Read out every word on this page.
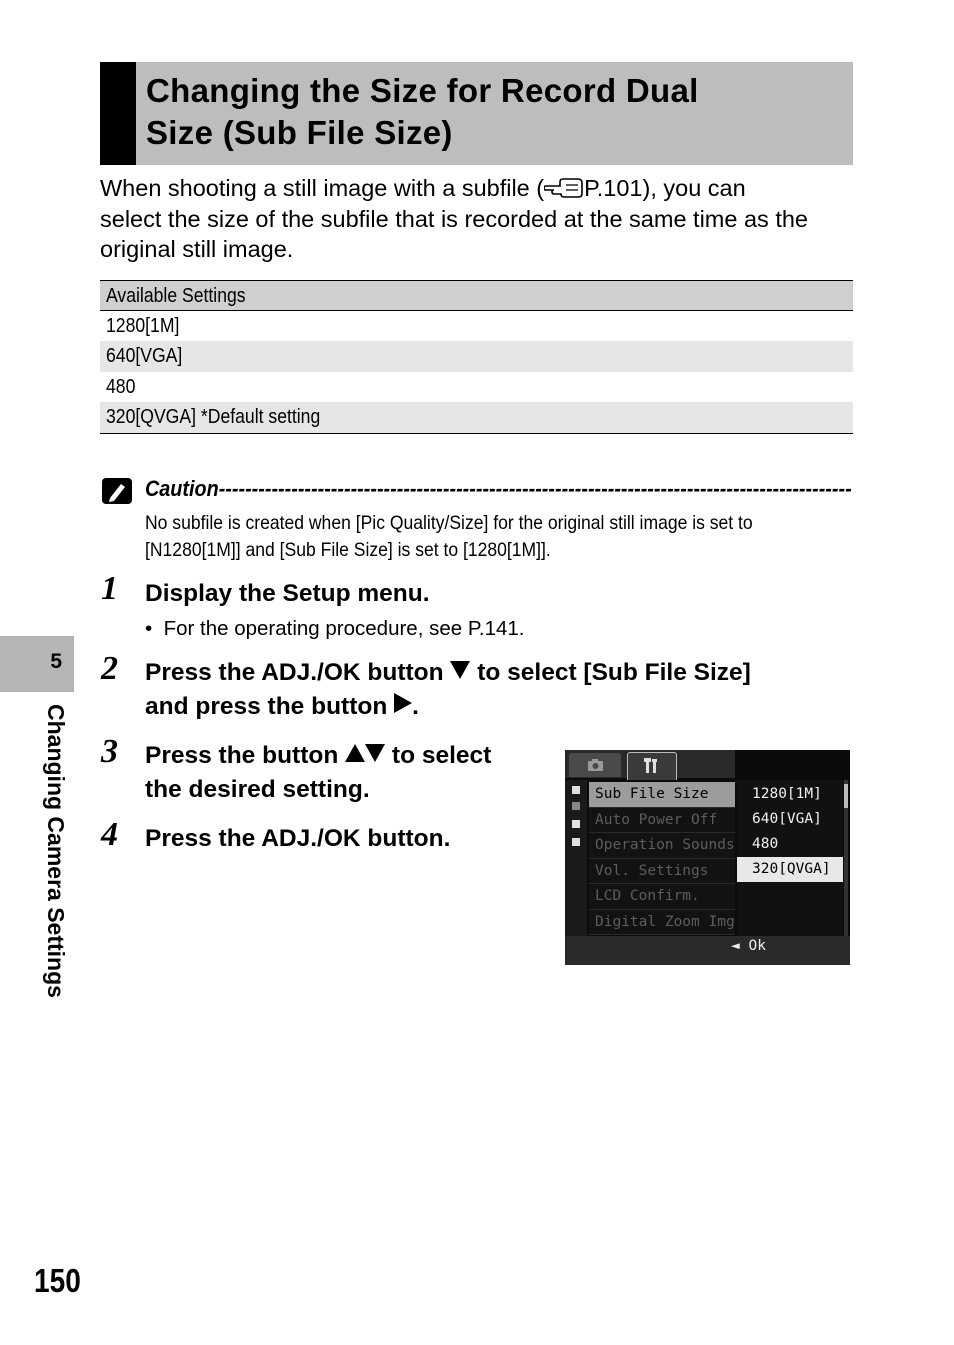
Changing the Size for Record Dual
Size (Sub File Size)
When shooting a still image with a subfile ( P.101), you can
select the size of the subfile that is recorded at the same time as the
original still image.
Available Settings
1280[1M]
640[VGA]
480
320[QVGA] *Default setting
Caution------------------------------------------------------------------------------------------------
No subfile is created when [Pic Quality/Size] for the original still image is set to
[N1280[1M]] and [Sub File Size] is set to [1280[1M]].
1 Display the Setup menu.
•  For the operating procedure, see P.141.
2 Press the ADJ./OK button to select [Sub File Size]
and press the button .
3 Press the button to select
the desired setting.
4 Press the ADJ./OK button.
Sub File Size
Auto Power Off
Operation Sounds
Vol. Settings
LCD Confirm.
Digital Zoom Img
1280[1M]
640[VGA]
480
320[QVGA]
◄ Ok
5
Changing Camera Settings
150
